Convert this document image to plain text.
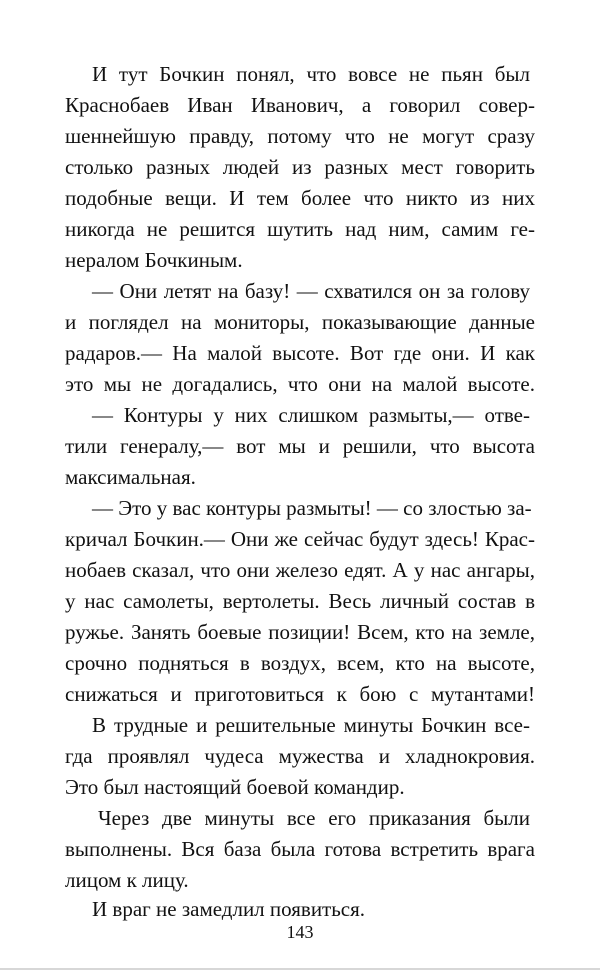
И тут Бочкин понял, что вовсе не пьян был
Краснобаев Иван Иванович, а говорил совер-
шеннейшую правду, потому что не могут сразу
столько разных людей из разных мест говорить
подобные вещи. И тем более что никто из них
никогда не решится шутить над ним, самим ге-
нералом Бочкиным.
— Они летят на базу! — схватился он за голову
и поглядел на мониторы, показывающие данные
радаров.— На малой высоте. Вот где они. И как
это мы не догадались, что они на малой высоте.
— Контуры у них слишком размыты,— отве-
тили генералу,— вот мы и решили, что высота
максимальная.
— Это у вас контуры размыты! — со злостью за-
кричал Бочкин.— Они же сейчас будут здесь! Крас-
нобаев сказал, что они железо едят. А у нас ангары,
у нас самолеты, вертолеты. Весь личный состав в
ружье. Занять боевые позиции! Всем, кто на земле,
срочно подняться в воздух, всем, кто на высоте,
снижаться и приготовиться к бою с мутантами!
В трудные и решительные минуты Бочкин все-
гда проявлял чудеса мужества и хладнокровия.
Это был настоящий боевой командир.
Через две минуты все его приказания были
выполнены. Вся база была готова встретить врага
лицом к лицу.
И враг не замедлил появиться.
143
